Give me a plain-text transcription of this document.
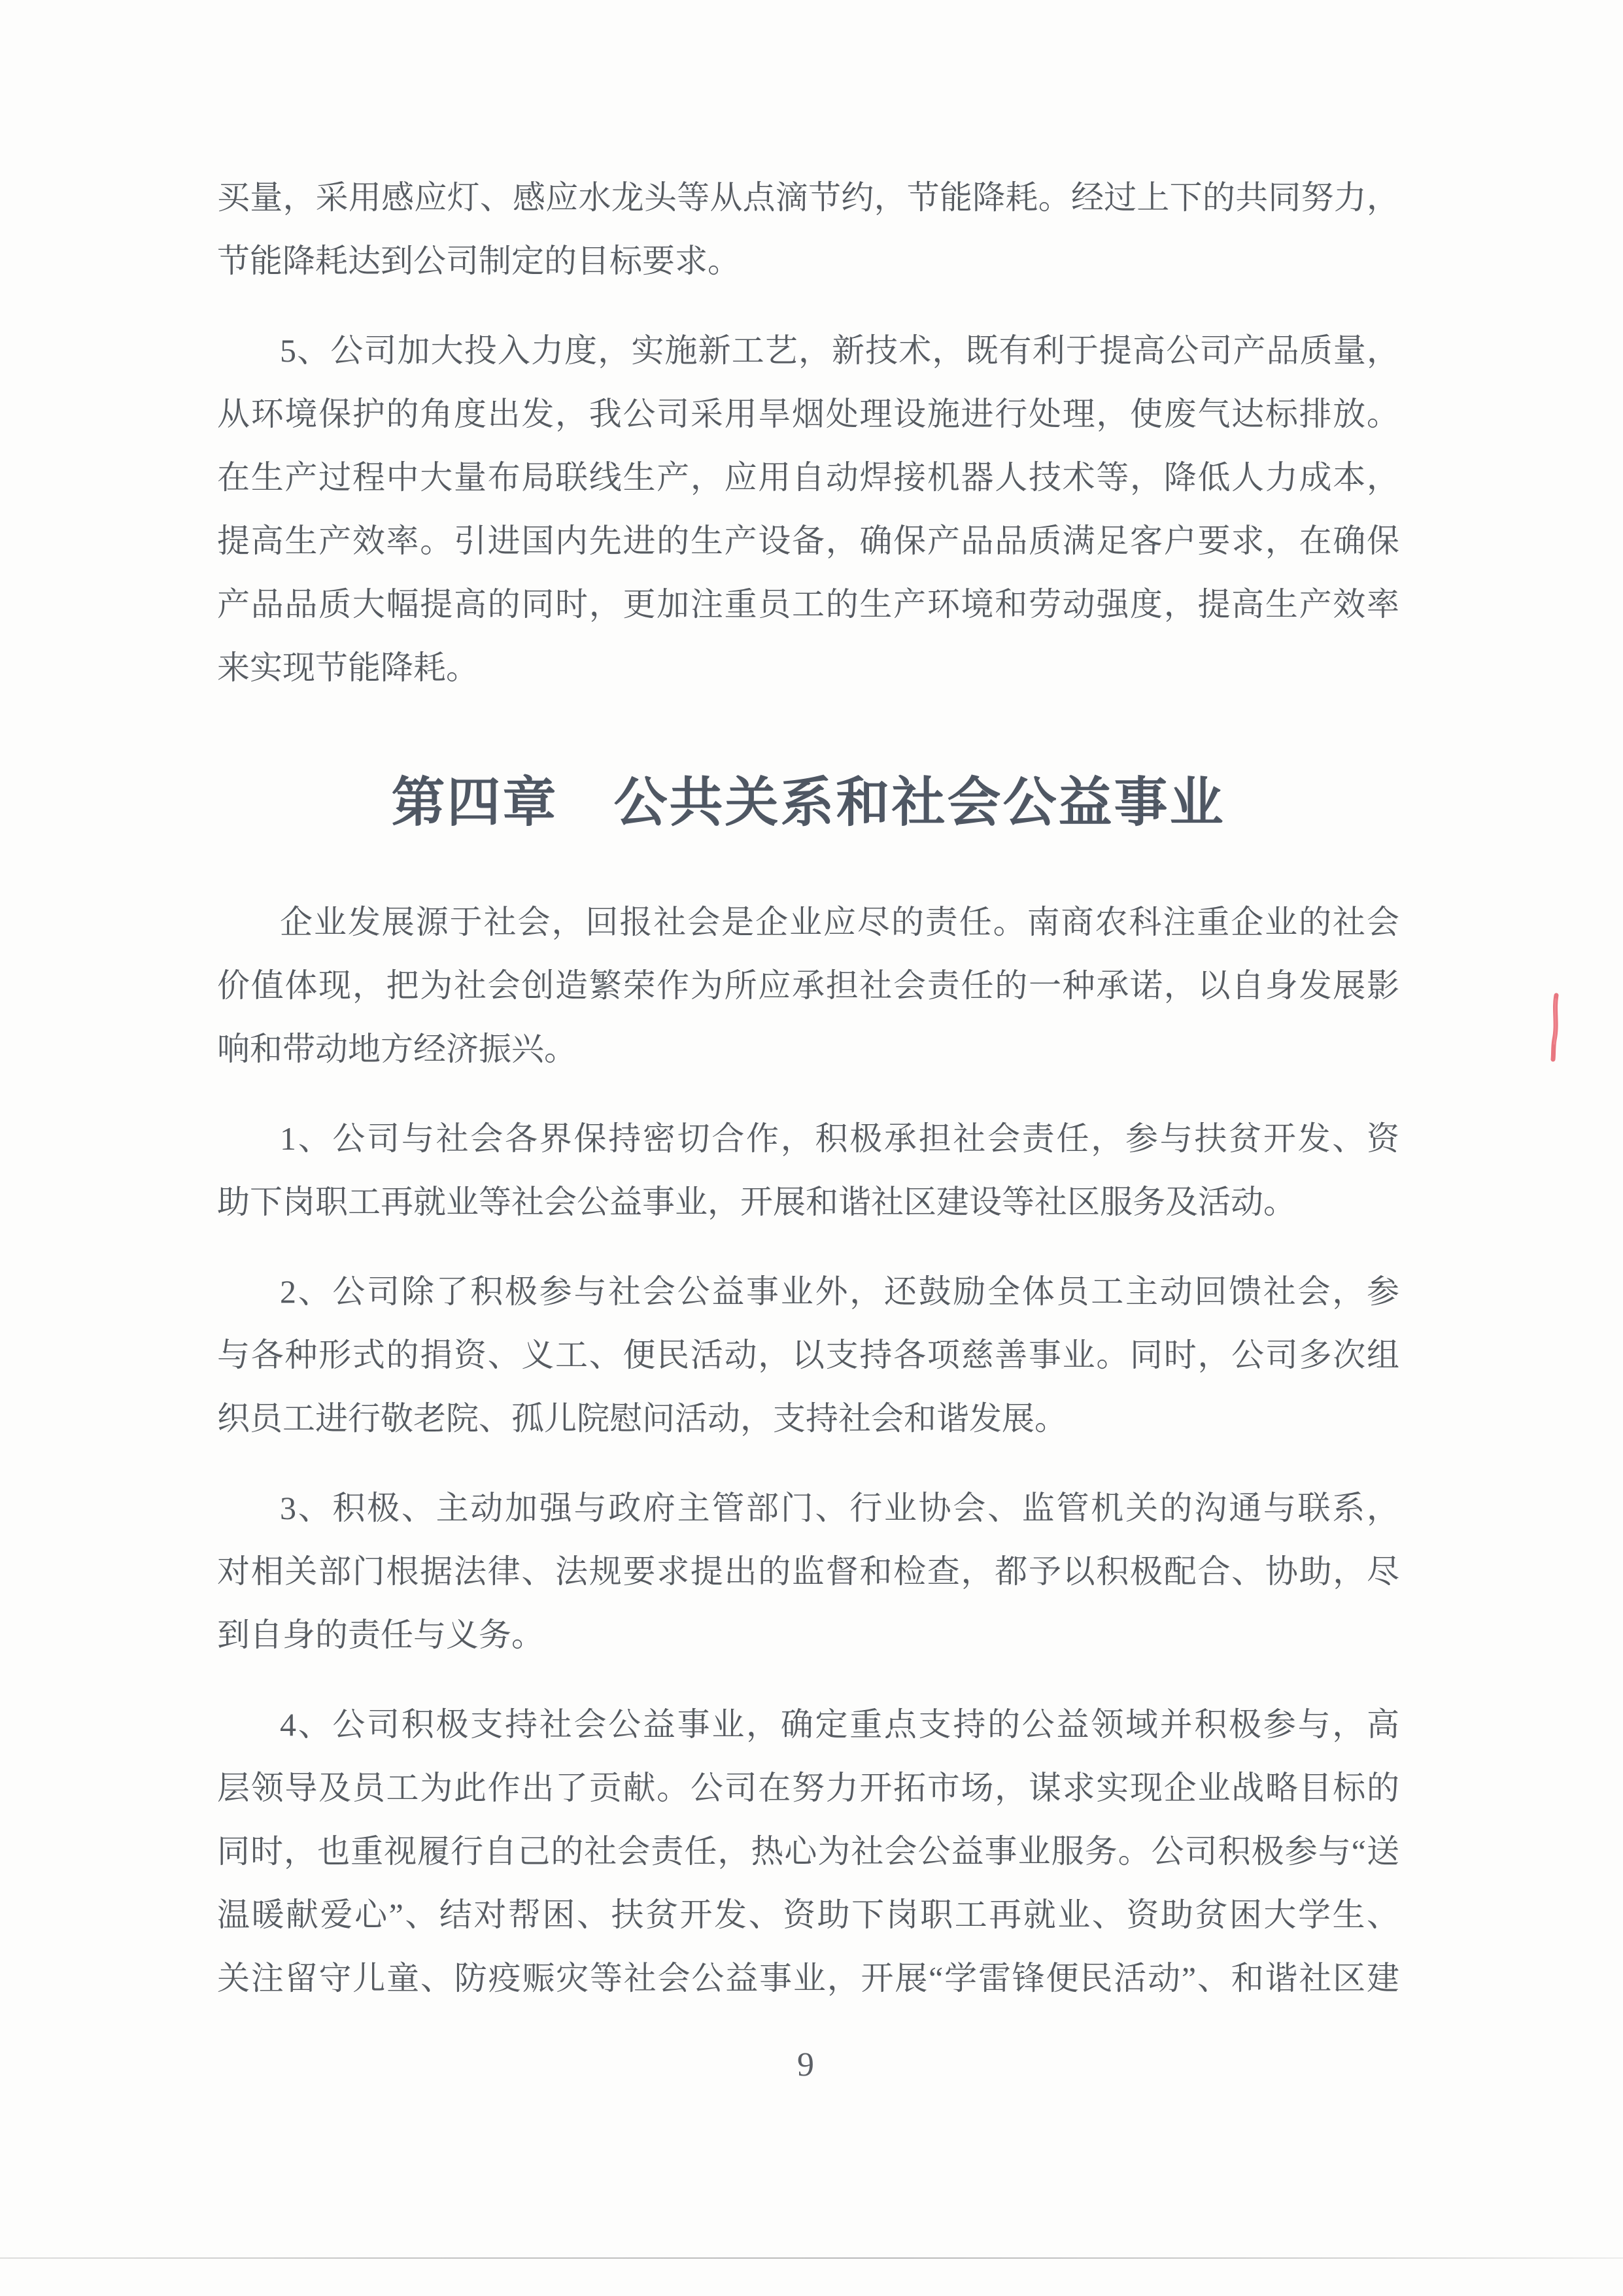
买量，采用感应灯、感应水龙头等从点滴节约，节能降耗。经过上下的共同努力，
节能降耗达到公司制定的目标要求。

5、公司加大投入力度，实施新工艺，新技术，既有利于提高公司产品质量，
从环境保护的角度出发，我公司采用旱烟处理设施进行处理，使废气达标排放。
在生产过程中大量布局联线生产，应用自动焊接机器人技术等，降低人力成本，
提高生产效率。引进国内先进的生产设备，确保产品品质满足客户要求，在确保
产品品质大幅提高的同时，更加注重员工的生产环境和劳动强度，提高生产效率
来实现节能降耗。

第四章　公共关系和社会公益事业

企业发展源于社会，回报社会是企业应尽的责任。南商农科注重企业的社会
价值体现，把为社会创造繁荣作为所应承担社会责任的一种承诺，以自身发展影
响和带动地方经济振兴。

1、公司与社会各界保持密切合作，积极承担社会责任，参与扶贫开发、资
助下岗职工再就业等社会公益事业，开展和谐社区建设等社区服务及活动。

2、公司除了积极参与社会公益事业外，还鼓励全体员工主动回馈社会，参
与各种形式的捐资、义工、便民活动，以支持各项慈善事业。同时，公司多次组
织员工进行敬老院、孤儿院慰问活动，支持社会和谐发展。

3、积极、主动加强与政府主管部门、行业协会、监管机关的沟通与联系，
对相关部门根据法律、法规要求提出的监督和检查，都予以积极配合、协助，尽
到自身的责任与义务。

4、公司积极支持社会公益事业，确定重点支持的公益领域并积极参与，高
层领导及员工为此作出了贡献。公司在努力开拓市场，谋求实现企业战略目标的
同时，也重视履行自己的社会责任，热心为社会公益事业服务。公司积极参与“送
温暖献爱心”、结对帮困、扶贫开发、资助下岗职工再就业、资助贫困大学生、
关注留守儿童、防疫赈灾等社会公益事业，开展“学雷锋便民活动”、和谐社区建

9
